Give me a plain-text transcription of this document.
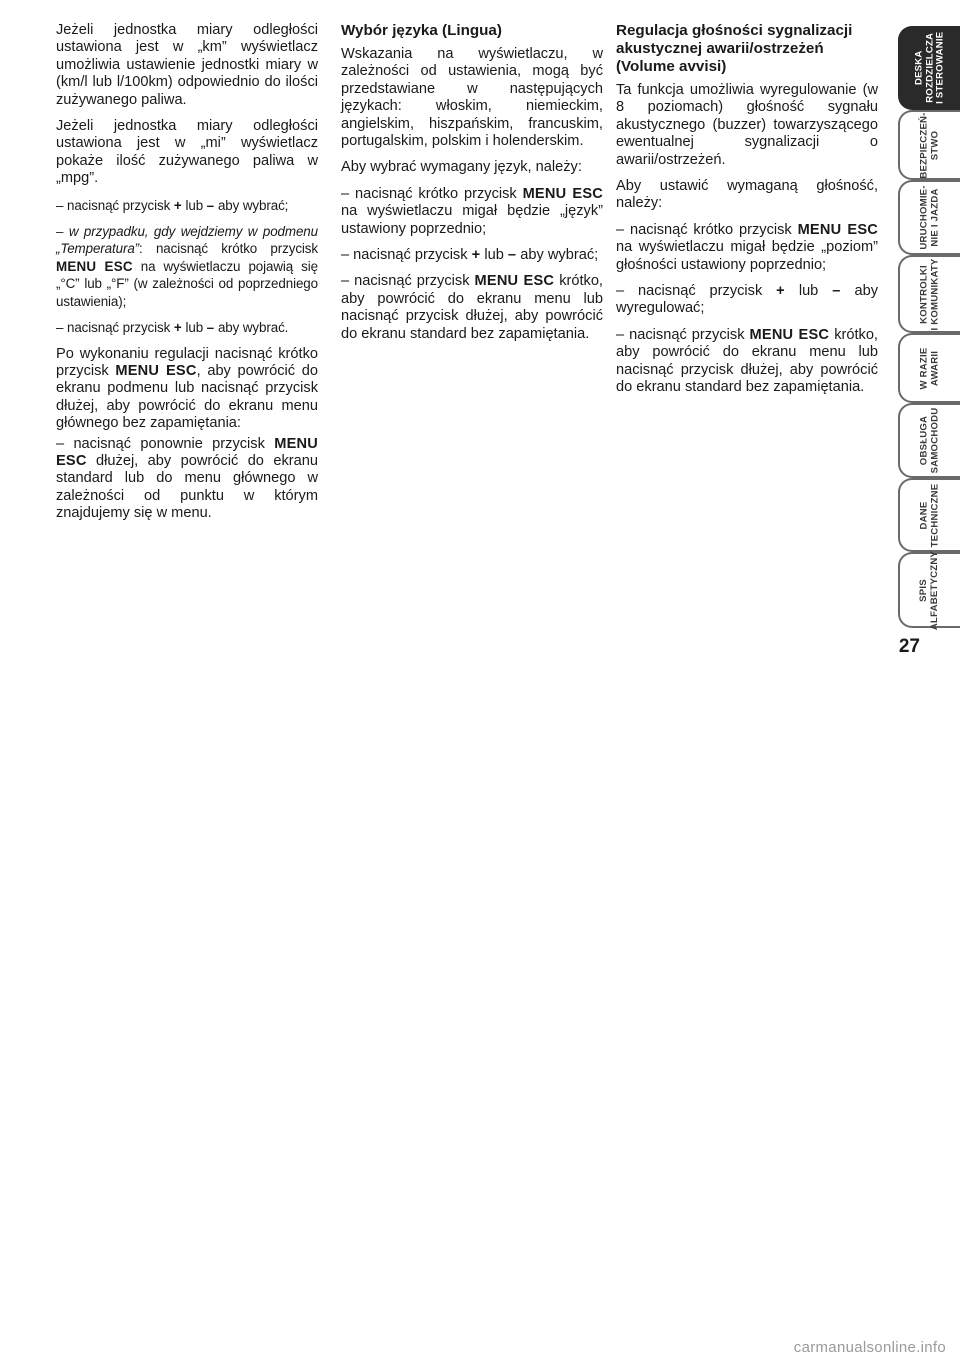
Jeżeli jednostka miary odległości ustawiona jest w „km” wyświetlacz umożliwia ustawienie jednostki miary w (km/l lub l/100km) odpowiednio do ilości zużywanego paliwa.

Jeżeli jednostka miary odległości ustawiona jest w „mi” wyświetlacz pokaże ilość zużywanego paliwa w „mpg”.

– nacisnąć przycisk + lub – aby wybrać;

– w przypadku, gdy wejdziemy w podmenu „Temperatura”: nacisnąć krótko przycisk MENU ESC na wyświetlaczu pojawią się „°C” lub „°F” (w zależności od poprzedniego ustawienia);

– nacisnąć przycisk + lub – aby wybrać.

Po wykonaniu regulacji nacisnąć krótko przycisk MENU ESC, aby powrócić do ekranu podmenu lub nacisnąć przycisk dłużej, aby powrócić do ekranu menu głównego bez zapamiętania:

– nacisnąć ponownie przycisk MENU ESC dłużej, aby powrócić do ekranu standard lub do menu głównego w zależności od punktu w którym znajdujemy się w menu.

Wybór języka (Lingua)

Wskazania na wyświetlaczu, w zależności od ustawienia, mogą być przedstawiane w następujących językach: włoskim, niemieckim, angielskim, hiszpańskim, francuskim, portugalskim, polskim i holenderskim.

Aby wybrać wymagany język, należy:

– nacisnąć krótko przycisk MENU ESC na wyświetlaczu migał będzie „język” ustawiony poprzednio;

– nacisnąć przycisk + lub – aby wybrać;

– nacisnąć przycisk MENU ESC krótko, aby powrócić do ekranu menu lub nacisnąć przycisk dłużej, aby powrócić do ekranu standard bez zapamiętania.

Regulacja głośności sygnalizacji akustycznej awarii/ostrzeżeń (Volume avvisi)

Ta funkcja umożliwia wyregulowanie (w 8 poziomach) głośność sygnału akustycznego (buzzer) towarzyszącego ewentualnej sygnalizacji o awarii/ostrzeżeń.

Aby ustawić wymaganą głośność, należy:

– nacisnąć krótko przycisk MENU ESC na wyświetlaczu migał będzie „poziom” głośności ustawiony poprzednio;

– nacisnąć przycisk + lub – aby wyregulować;

– nacisnąć przycisk MENU ESC krótko, aby powrócić do ekranu menu lub nacisnąć przycisk dłużej, aby powrócić do ekranu standard bez zapamiętania.

DESKA
ROZDZIELCZA
I STEROWANIE
BEZPIECZEŃ-
STWO
URUCHOMIE-
NIE I JAZDA
KONTROLKI
I KOMUNIKATY
W RAZIE
AWARII
OBSŁUGA
SAMOCHODU
DANE
TECHNICZNE
SPIS
ALFABETYCZNY
27
carmanualsonline.info
